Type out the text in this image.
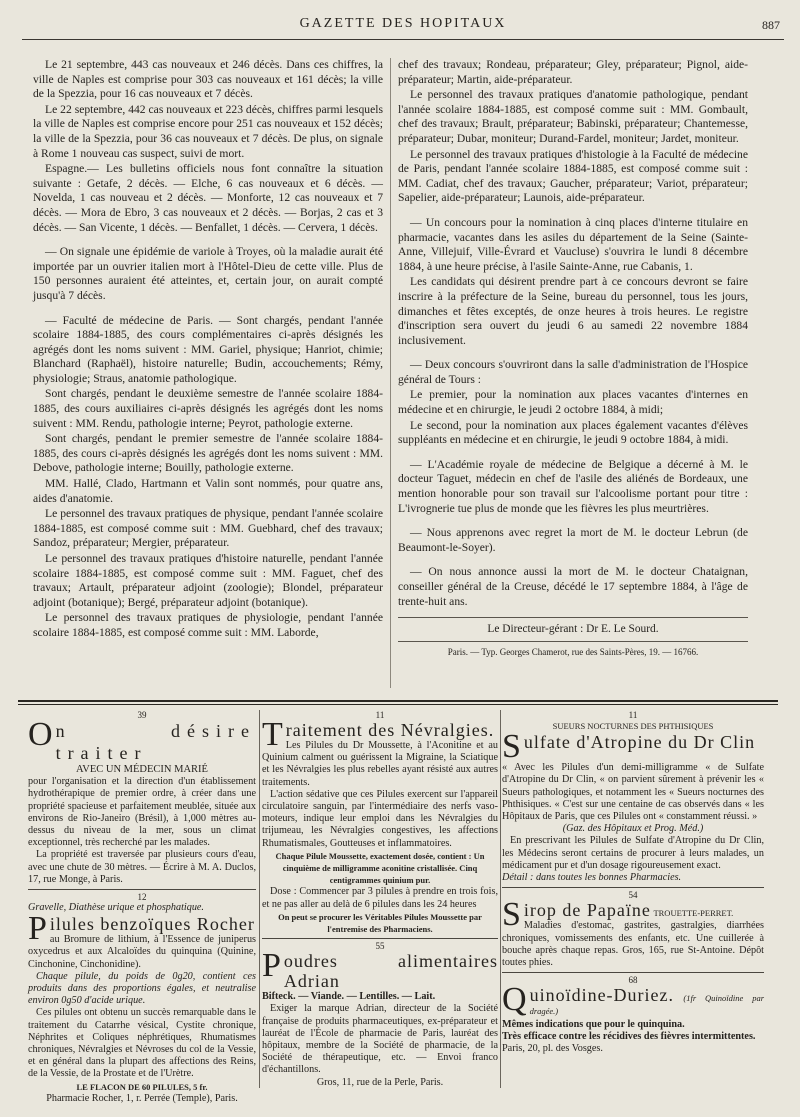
GAZETTE DES HOPITAUX	887

Le 21 septembre, 443 cas nouveaux et 246 décès. Dans ces chiffres, la ville de Naples est comprise pour 303 cas nouveaux et 161 décès; la ville de la Spezzia, pour 16 cas nouveaux et 7 décès.

Le 22 septembre, 442 cas nouveaux et 223 décès, chiffres parmi lesquels la ville de Naples est comprise encore pour 251 cas nouveaux et 152 décès; la ville de la Spezzia, pour 36 cas nouveaux et 7 décès. De plus, on signale à Rome 1 nouveau cas suspect, suivi de mort.

Espagne.— Les bulletins officiels nous font connaître la situation suivante : Getafe, 2 décès. — Elche, 6 cas nouveaux et 6 décès. — Novelda, 1 cas nouveau et 2 décès. — Monforte, 12 cas nouveaux et 7 décès. — Mora de Ebro, 3 cas nouveaux et 2 décès. — Borjas, 2 cas et 3 décès. — San Vicente, 1 décès. — Benfallet, 1 décès. — Cervera, 1 décès.

— On signale une épidémie de variole à Troyes, où la maladie aurait été importée par un ouvrier italien mort à l'Hôtel-Dieu de cette ville. Plus de 150 personnes auraient été atteintes, et, certain jour, on aurait compté jusqu'à 7 décès.

— Faculté de médecine de Paris. — Sont chargés, pendant l'année scolaire 1884-1885, des cours complémentaires ci-après désignés les agrégés dont les noms suivent : MM. Gariel, physique; Hanriot, chimie; Blanchard (Raphaël), histoire naturelle; Budin, accouchements; Rémy, physiologie; Straus, anatomie pathologique.

Sont chargés, pendant le deuxième semestre de l'année scolaire 1884-1885, des cours auxiliaires ci-après désignés les agrégés dont les noms suivent : MM. Rendu, pathologie interne; Peyrot, pathologie externe.

Sont chargés, pendant le premier semestre de l'année scolaire 1884-1885, des cours ci-après désignés les agrégés dont les noms suivent : MM. Debove, pathologie interne; Bouilly, pathologie externe.

MM. Hallé, Clado, Hartmann et Valin sont nommés, pour quatre ans, aides d'anatomie.

Le personnel des travaux pratiques de physique, pendant l'année scolaire 1884-1885, est composé comme suit : MM. Guebhard, chef des travaux; Sandoz, préparateur; Mergier, préparateur.

Le personnel des travaux pratiques d'histoire naturelle, pendant l'année scolaire 1884-1885, est composé comme suit : MM. Faguet, chef des travaux; Artault, préparateur adjoint (zoologie); Blondel, préparateur adjoint (botanique); Bergé, préparateur adjoint (botanique).

Le personnel des travaux pratiques de physiologie, pendant l'année scolaire 1884-1885, est composé comme suit : MM. Laborde,

chef des travaux; Rondeau, préparateur; Gley, préparateur; Pignol, aide-préparateur; Martin, aide-préparateur.

Le personnel des travaux pratiques d'anatomie pathologique, pendant l'année scolaire 1884-1885, est composé comme suit : MM. Gombault, chef des travaux; Brault, préparateur; Babinski, préparateur; Chantemesse, préparateur; Dubar, moniteur; Durand-Fardel, moniteur; Jardet, moniteur.

Le personnel des travaux pratiques d'histologie à la Faculté de médecine de Paris, pendant l'année scolaire 1884-1885, est composé comme suit : MM. Cadiat, chef des travaux; Gaucher, préparateur; Variot, préparateur; Sapelier, aide-préparateur; Launois, aide-préparateur.

— Un concours pour la nomination à cinq places d'interne titulaire en pharmacie, vacantes dans les asiles du département de la Seine (Sainte-Anne, Villejuif, Ville-Évrard et Vaucluse) s'ouvrira le lundi 8 décembre 1884, à une heure précise, à l'asile Sainte-Anne, rue Cabanis, 1.

Les candidats qui désirent prendre part à ce concours devront se faire inscrire à la préfecture de la Seine, bureau du personnel, tous les jours, dimanches et fêtes exceptés, de onze heures à trois heures. Le registre d'inscription sera ouvert du jeudi 6 au samedi 22 novembre 1884 inclusivement.

— Deux concours s'ouvriront dans la salle d'administration de l'Hospice général de Tours :

Le premier, pour la nomination aux places vacantes d'internes en médecine et en chirurgie, le jeudi 2 octobre 1884, à midi;

Le second, pour la nomination aux places également vacantes d'élèves suppléants en médecine et en chirurgie, le jeudi 9 octobre 1884, à midi.

— L'Académie royale de médecine de Belgique a décerné à M. le docteur Taguet, médecin en chef de l'asile des aliénés de Bordeaux, une mention honorable pour son travail sur l'alcoolisme portant pour titre : L'ivrognerie tue plus de monde que les fièvres les plus meurtrières.

— Nous apprenons avec regret la mort de M. le docteur Lebrun (de Beaumont-le-Soyer).

— On nous annonce aussi la mort de M. le docteur Chataignan, conseiller général de la Creuse, décédé le 17 septembre 1884, à l'âge de trente-huit ans.

Le Directeur-gérant : Dr E. Le Sourd.
Paris. — Typ. Georges Chamerot, rue des Saints-Pères, 19. — 16766.
39
O n désire traiter
AVEC UN MÉDECIN MARIÉ
pour l'organisation et la direction d'un établissement hydrothérapique de premier ordre, à créer dans une propriété spacieuse et parfaitement meublée, située aux environs de Rio-Janeiro (Brésil), à 1,000 mètres au-dessus du niveau de la mer, sous un climat exceptionnel, très recherché par les malades.
La propriété est traversée par plusieurs cours d'eau, avec une chute de 30 mètres. — Écrire à M. A. Duclos, 17, rue Monge, à Paris.
12
Gravelle, Diathèse urique et phosphatique.
P ilules benzoïques Rocher
au Bromure de lithium, à l'Essence de juniperus oxycedrus et aux Alcaloïdes du quinquina (Quinine, Cinchonine, Cinchonidine).
Chaque pilule, du poids de 0g20, contient ces produits dans des proportions égales, et neutralise environ 0g50 d'acide urique.
Ces pilules ont obtenu un succès remarquable dans le traitement du Catarrhe vésical, Cystite chronique, Néphrites et Coliques néphrétiques, Rhumatismes chroniques, Névralgies et Névroses du col de la Vessie, et en général dans la plupart des affections des Reins, de la Vessie, de la Prostate et de l'Urètre.
LE FLACON DE 60 PILULES, 5 fr.
Pharmacie Rocher, 1, r. Perrée (Temple), Paris.
11
T raitement des Névralgies.
Les Pilules du Dr Moussette, à l'Aconitine et au Quinium calment ou guérissent la Migraine, la Sciatique et les Névralgies les plus rebelles ayant résisté aux autres traitements.
L'action sédative que ces Pilules exercent sur l'appareil circulatoire sanguin, par l'intermédiaire des nerfs vaso-moteurs, indique leur emploi dans les Névralgies du trijumeau, les Névralgies congestives, les affections Rhumatismales, Goutteuses et inflammatoires.
Chaque Pilule Moussette, exactement dosée, contient : Un cinquième de milligramme aconitine cristallisée. Cinq centigrammes quinium pur.
Dose : Commencer par 3 pilules à prendre en trois fois, et ne pas aller au delà de 6 pilules dans les 24 heures
On peut se procurer les Véritables Pilules Moussette par l'entremise des Pharmaciens.
55
P oudres alimentaires Adrian
Bifteck. — Viande. — Lentilles. — Lait.
Exiger la marque Adrian, directeur de la Société française de produits pharmaceutiques, ex-préparateur et lauréat de l'École de pharmacie de Paris, lauréat des hôpitaux, membre de la Société de pharmacie, de la Société de thérapeutique, etc. — Envoi franco d'échantillons.
Gros, 11, rue de la Perle, Paris.
11
SUEURS NOCTURNES DES PHTHISIQUES
S ulfate d'Atropine du Dr Clin
« Avec les Pilules d'un demi-milligramme « de Sulfate d'Atropine du Dr Clin, « on parvient sûrement à prévenir les « Sueurs pathologiques, et notamment les « Sueurs nocturnes des Phthisiques. « C'est sur une centaine de cas observés dans « les Hôpitaux de Paris, que ces Pilules ont « constamment réussi. »
(Gaz. des Hôpitaux et Prog. Méd.)
En prescrivant les Pilules de Sulfate d'Atropine du Dr Clin, les Médecins seront certains de procurer à leurs malades, un médicament pur et d'un dosage rigoureusement exact.
Détail : dans toutes les bonnes Pharmacies.
54
S irop de Papaïne TROUETTE-PERRET.
Maladies d'estomac, gastrites, gastralgies, diarrhées chroniques, vomissements des enfants, etc. Une cuillerée à bouche après chaque repas. Gros, 165, rue St-Antoine. Dépôt toutes phies.
68
Q uinoïdine-Duriez. (1fr Quinoïdine par dragée.)
Mêmes indications que pour le quinquina.
Très efficace contre les récidives des fièvres intermittentes.
Paris, 20, pl. des Vosges.
